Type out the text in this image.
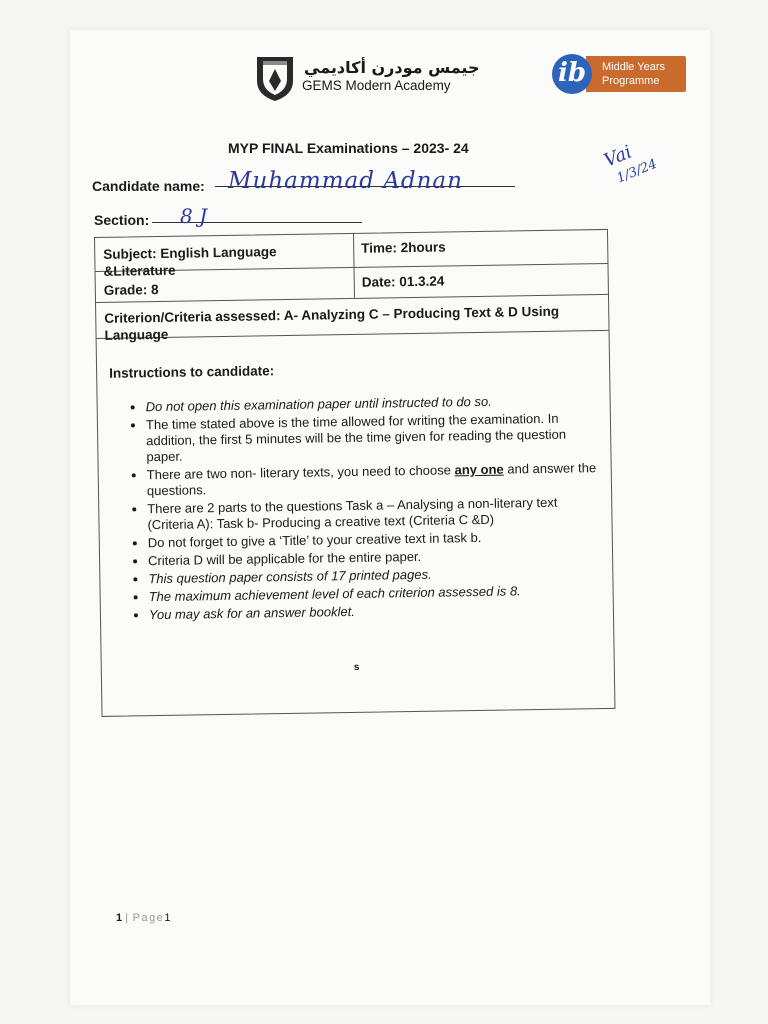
جيمس مودرن أكاديمي
GEMS Modern Academy
Middle Years
Programme
ib
MYP FINAL Examinations – 2023- 24
Candidate name: Muhammad Adnan
Section: 8 J
Vai
1/3/24
Subject: English Language
&Literature
Time: 2hours
Grade: 8
Date: 01.3.24
Criterion/Criteria assessed: A- Analyzing C – Producing Text & D Using
Language
Instructions to candidate:
• Do not open this examination paper until instructed to do so.
• The time stated above is the time allowed for writing the examination. In addition, the first 5 minutes will be the time given for reading the question paper.
• There are two non- literary texts, you need to choose any one and answer the questions.
• There are 2 parts to the questions Task a – Analysing a non-literary text (Criteria A): Task b- Producing a creative text (Criteria C &D)
• Do not forget to give a ‘Title’ to your creative text in task b.
• Criteria D will be applicable for the entire paper.
• This question paper consists of 17 printed pages.
• The maximum achievement level of each criterion assessed is 8.
• You may ask for an answer booklet.
s
1 | Page1
